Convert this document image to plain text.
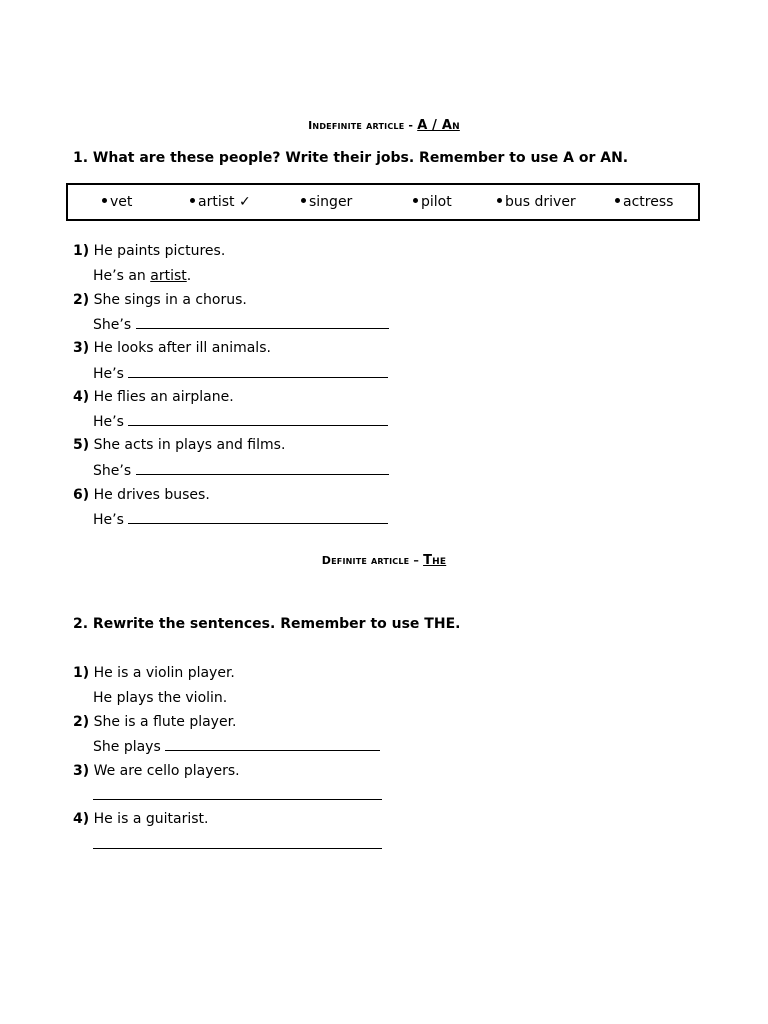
Indefinite article - A / An
1. What are these people? Write their jobs. Remember to use A or AN.
vet	artist ✓	singer	pilot	bus driver	actress
1) He paints pictures.
He’s an artist.
2) She sings in a chorus.
She’s
3) He looks after ill animals.
He’s
4) He flies an airplane.
He’s
5) She acts in plays and films.
She’s
6) He drives buses.
He’s
Definite article – The
2. Rewrite the sentences. Remember to use THE.
1) He is a violin player.
He plays the violin.
2) She is a flute player.
She plays
3) We are cello players.
4) He is a guitarist.
